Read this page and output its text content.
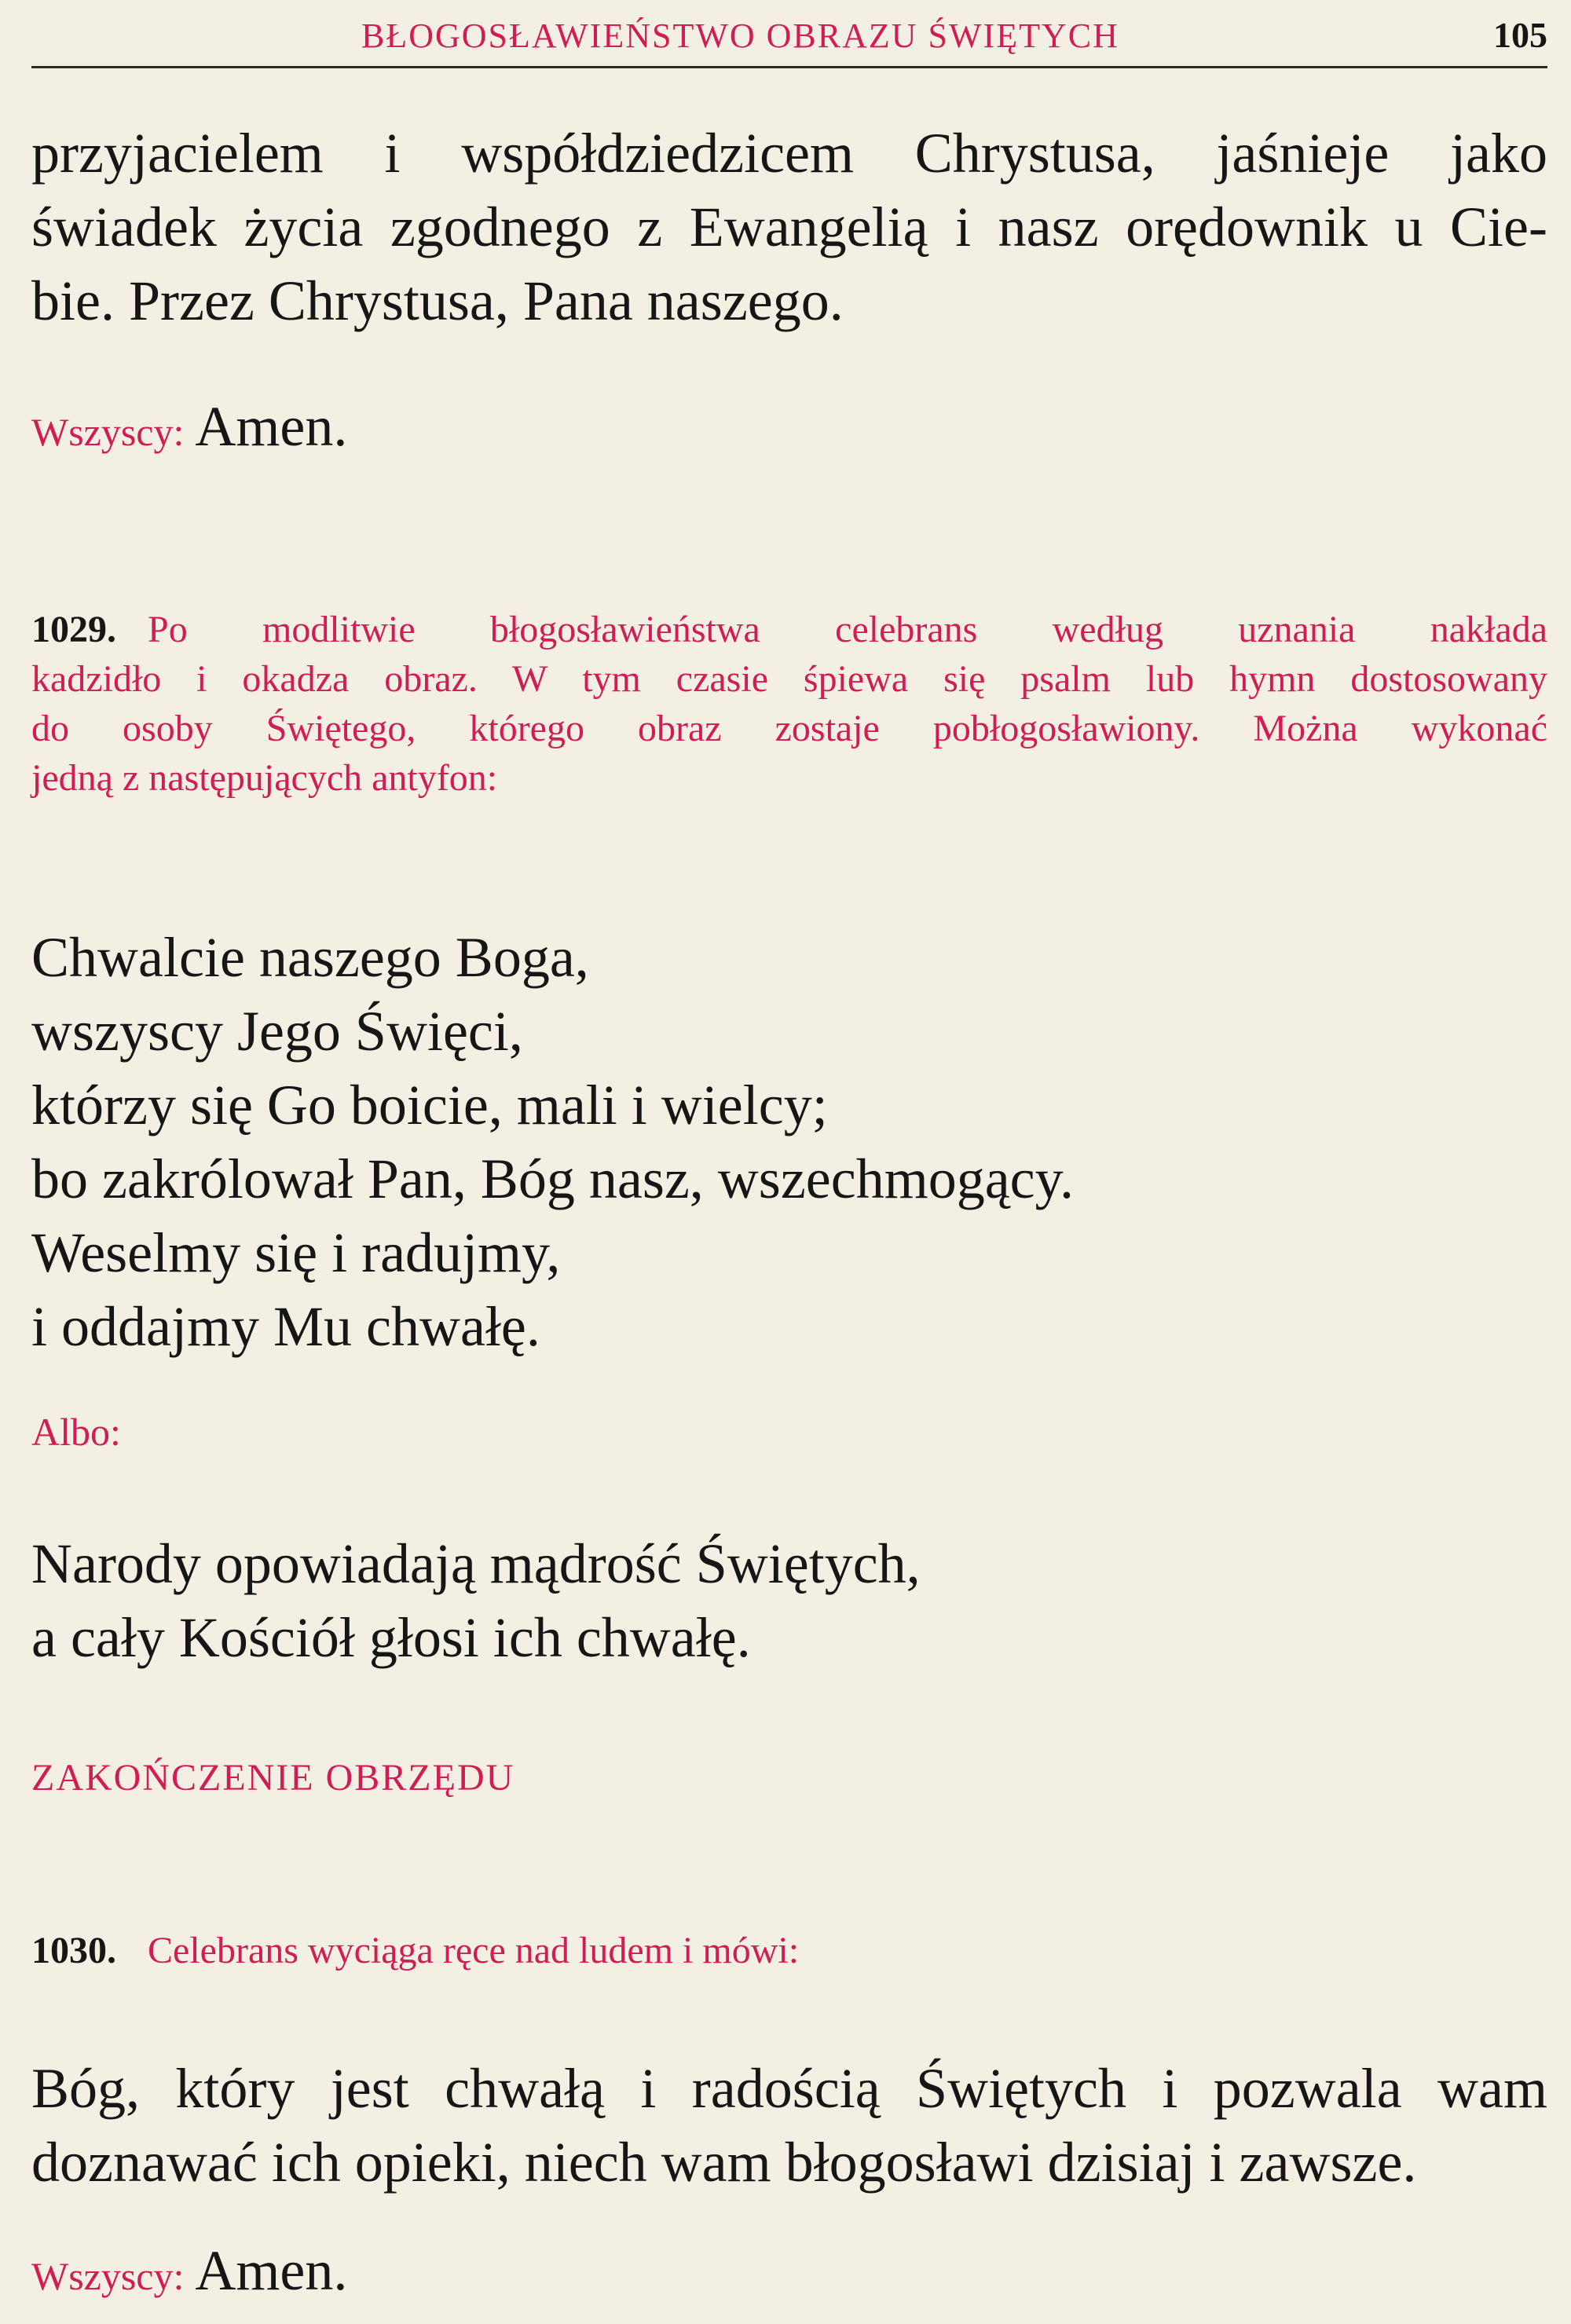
BŁOGOSŁAWIEŃSTWO OBRAZU ŚWIĘTYCH	105

przyjacielem i współdziedzicem Chrystusa, jaśnieje jako

świadek życia zgodnego z Ewangelią i nasz orędownik u Cie-

bie. Przez Chrystusa, Pana naszego.

Wszyscy: Amen.

1029. Po modlitwie błogosławieństwa celebrans według uznania nakłada

kadzidło i okadza obraz. W tym czasie śpiewa się psalm lub hymn dostosowany

do osoby Świętego, którego obraz zostaje pobłogosławiony. Można wykonać

jedną z następujących antyfon:

Chwalcie naszego Boga,

wszyscy Jego Święci,

którzy się Go boicie, mali i wielcy;

bo zakrólował Pan, Bóg nasz, wszechmogący.

Weselmy się i radujmy,

i oddajmy Mu chwałę.

Albo:

Narody opowiadają mądrość Świętych,

a cały Kościół głosi ich chwałę.

ZAKOŃCZENIE OBRZĘDU
1030. Celebrans wyciąga ręce nad ludem i mówi:

Bóg, który jest chwałą i radością Świętych i pozwala wam

doznawać ich opieki, niech wam błogosławi dzisiaj i zawsze.

Wszyscy: Amen.
